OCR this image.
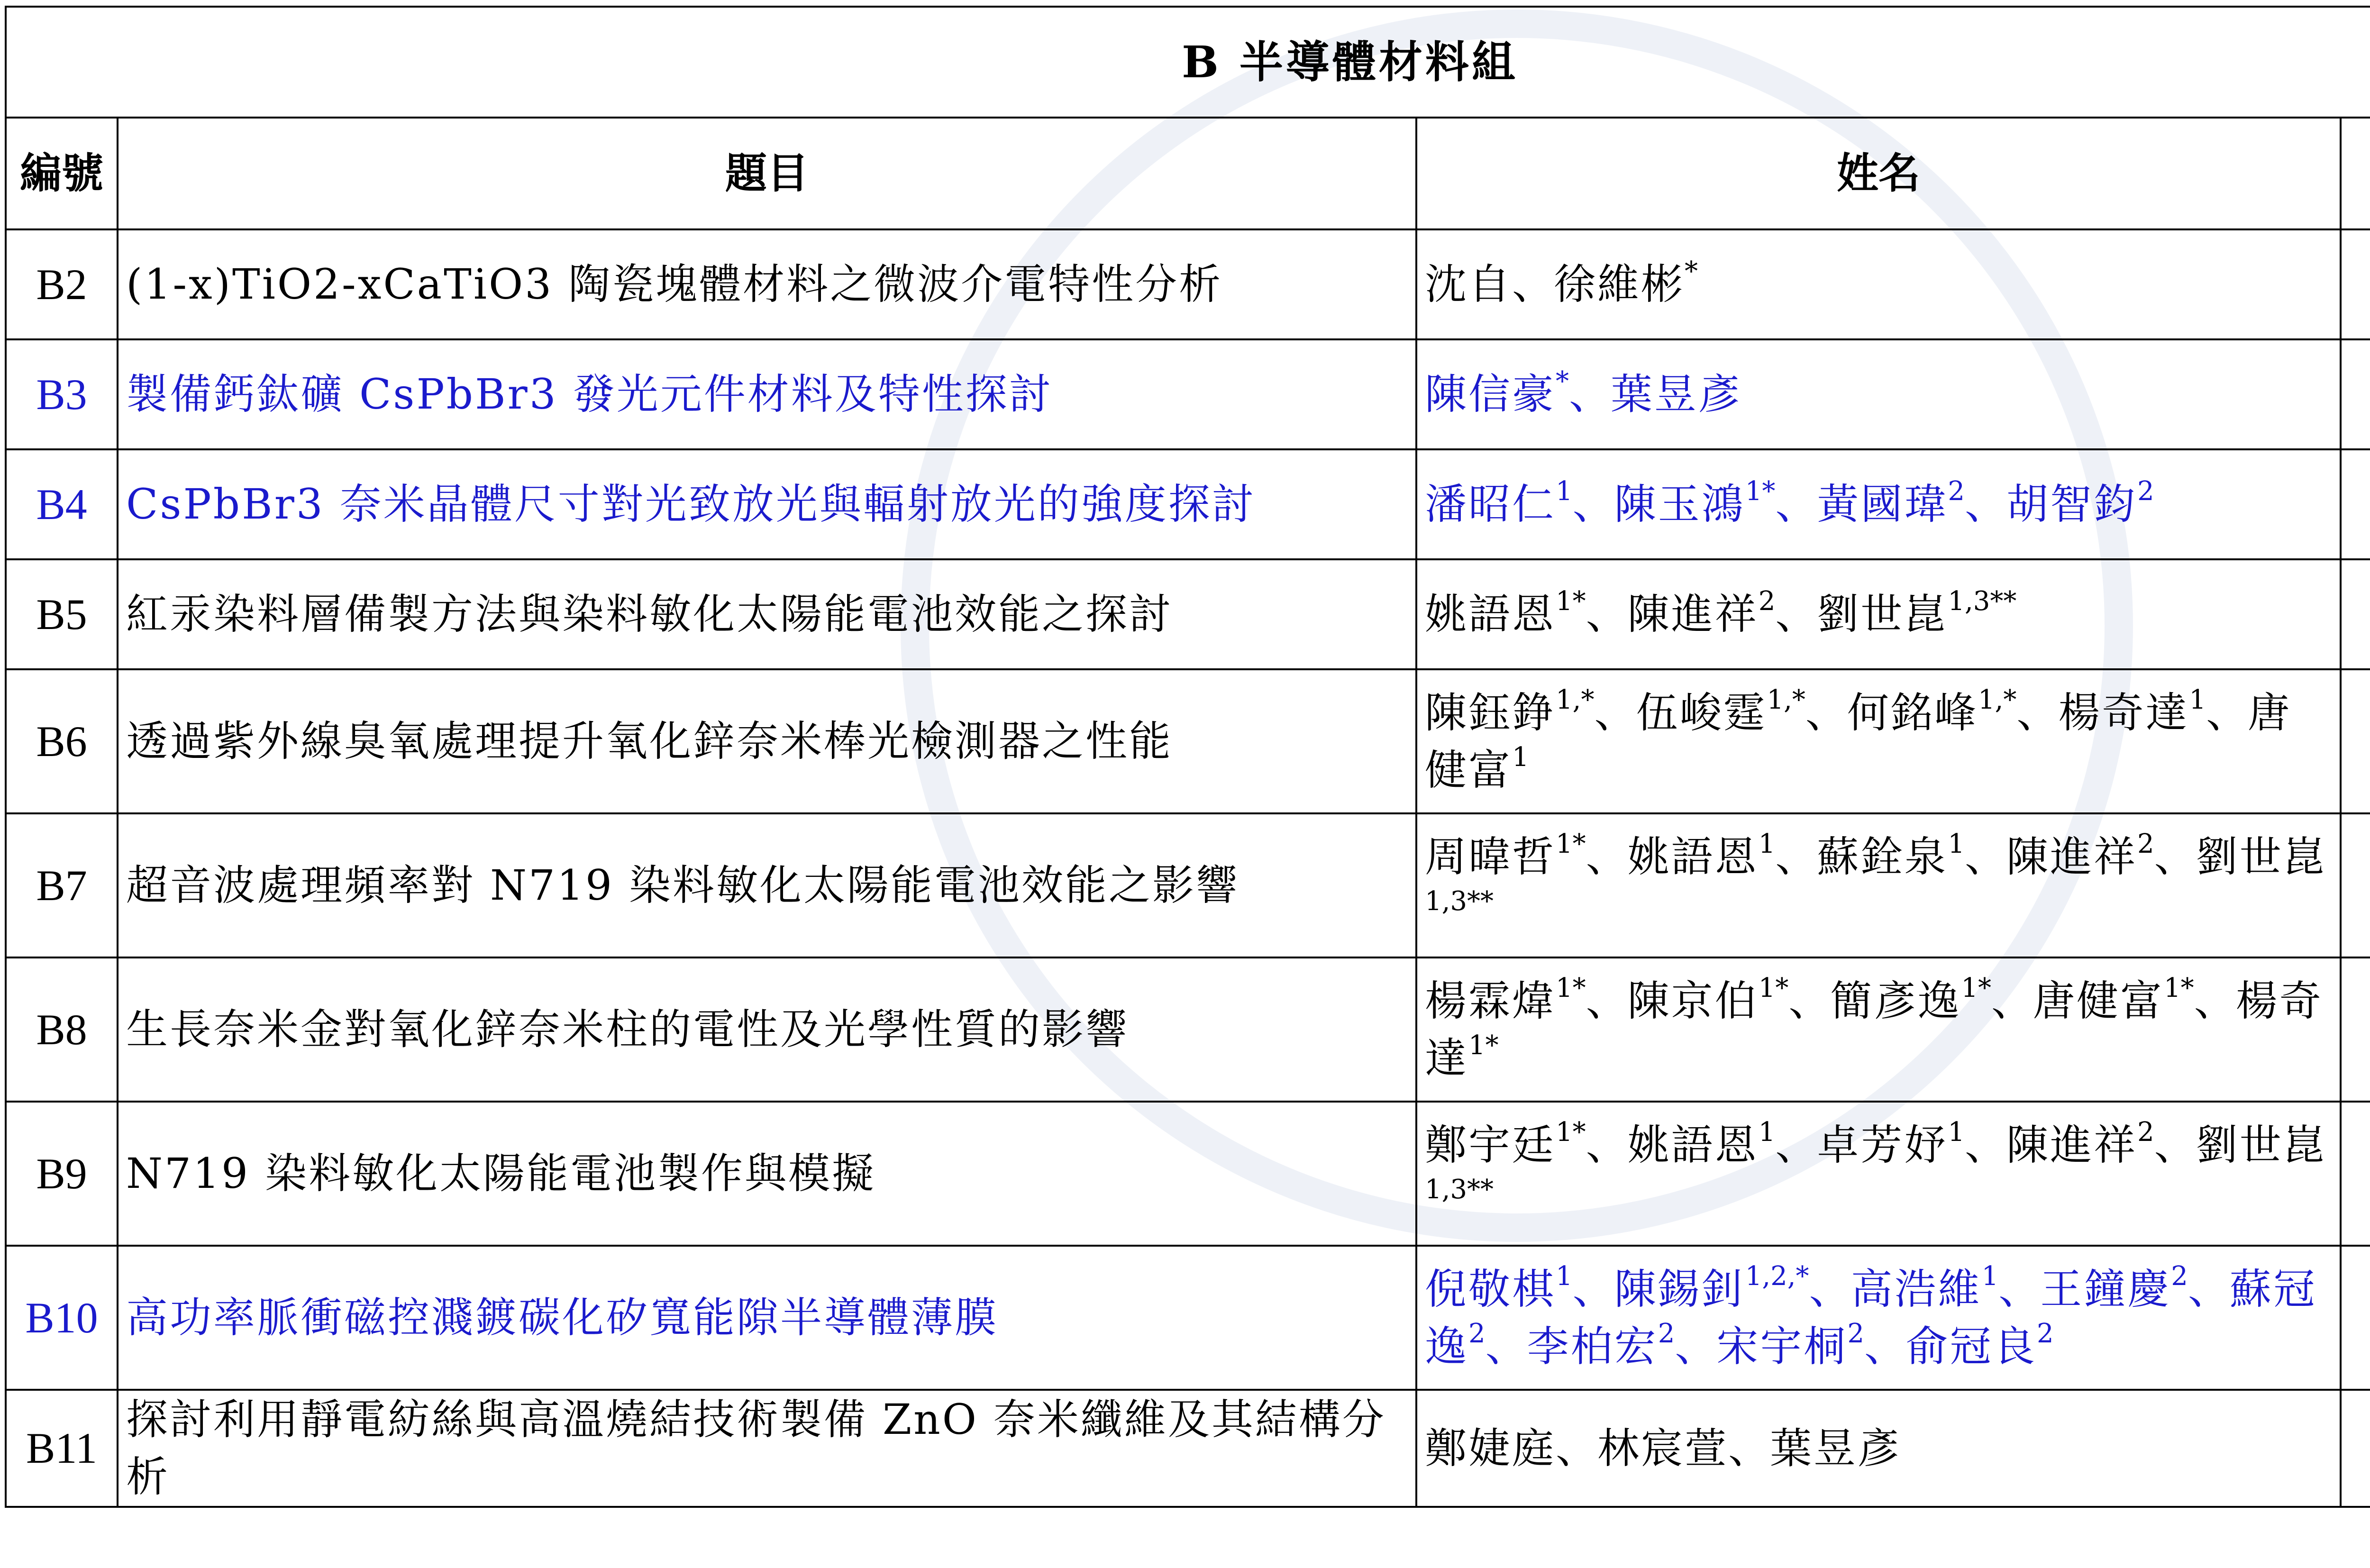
B 半導體材料組			
編號	題目	姓名	
B2	(1-x)TiO2-xCaTiO3 陶瓷塊體材料之微波介電特性分析	沈自、徐維彬*	
B3	製備鈣鈦礦 CsPbBr3 發光元件材料及特性探討	陳信豪*、葉昱彥	
B4	CsPbBr3 奈米晶體尺寸對光致放光與輻射放光的強度探討	潘昭仁$^1$、陳玉鴻$^{1*}$、黃國瑋$^2$、胡智鈞$^2$	
B5	紅汞染料層備製方法與染料敏化太陽能電池效能之探討	姚語恩$^{1*}$、陳進祥$^2$、劉世崑$^{1,3**}$	
B6	透過紫外線臭氧處理提升氧化鋅奈米棒光檢測器之性能	陳鈺錚$^{1,*}$、伍峻霆$^{1,*}$、何銘峰$^{1,*}$、楊奇達$^1$、唐健富$^1$	
B7	超音波處理頻率對 N719 染料敏化太陽能電池效能之影響	周暐哲$^{1*}$、姚語恩$^1$、蘇銓泉$^1$、陳進祥$^2$、劉世崑$^{1,3**}$	
B8	生長奈米金對氧化鋅奈米柱的電性及光學性質的影響	楊霖煒$^{1*}$、陳京伯$^{1*}$、簡彥逸$^{1*}$、唐健富$^{1*}$、楊奇達$^{1*}$	
B9	N719 染料敏化太陽能電池製作與模擬	鄭宇廷$^{1*}$、姚語恩$^1$、卓芳妤$^1$、陳進祥$^2$、劉世崑$^{1,3**}$	
B10	高功率脈衝磁控濺鍍碳化矽寬能隙半導體薄膜	倪敬棋$^1$、陳錫釗$^{1,2,*}$、高浩維$^1$、王鐘慶$^2$、蘇冠逸$^2$、李柏宏$^2$、宋宇桐$^2$、俞冠良$^2$	
B11	探討利用靜電紡絲與高溫燒結技術製備 ZnO 奈米纖維及其結構分析	鄭婕庭、林宸萱、葉昱彥	
